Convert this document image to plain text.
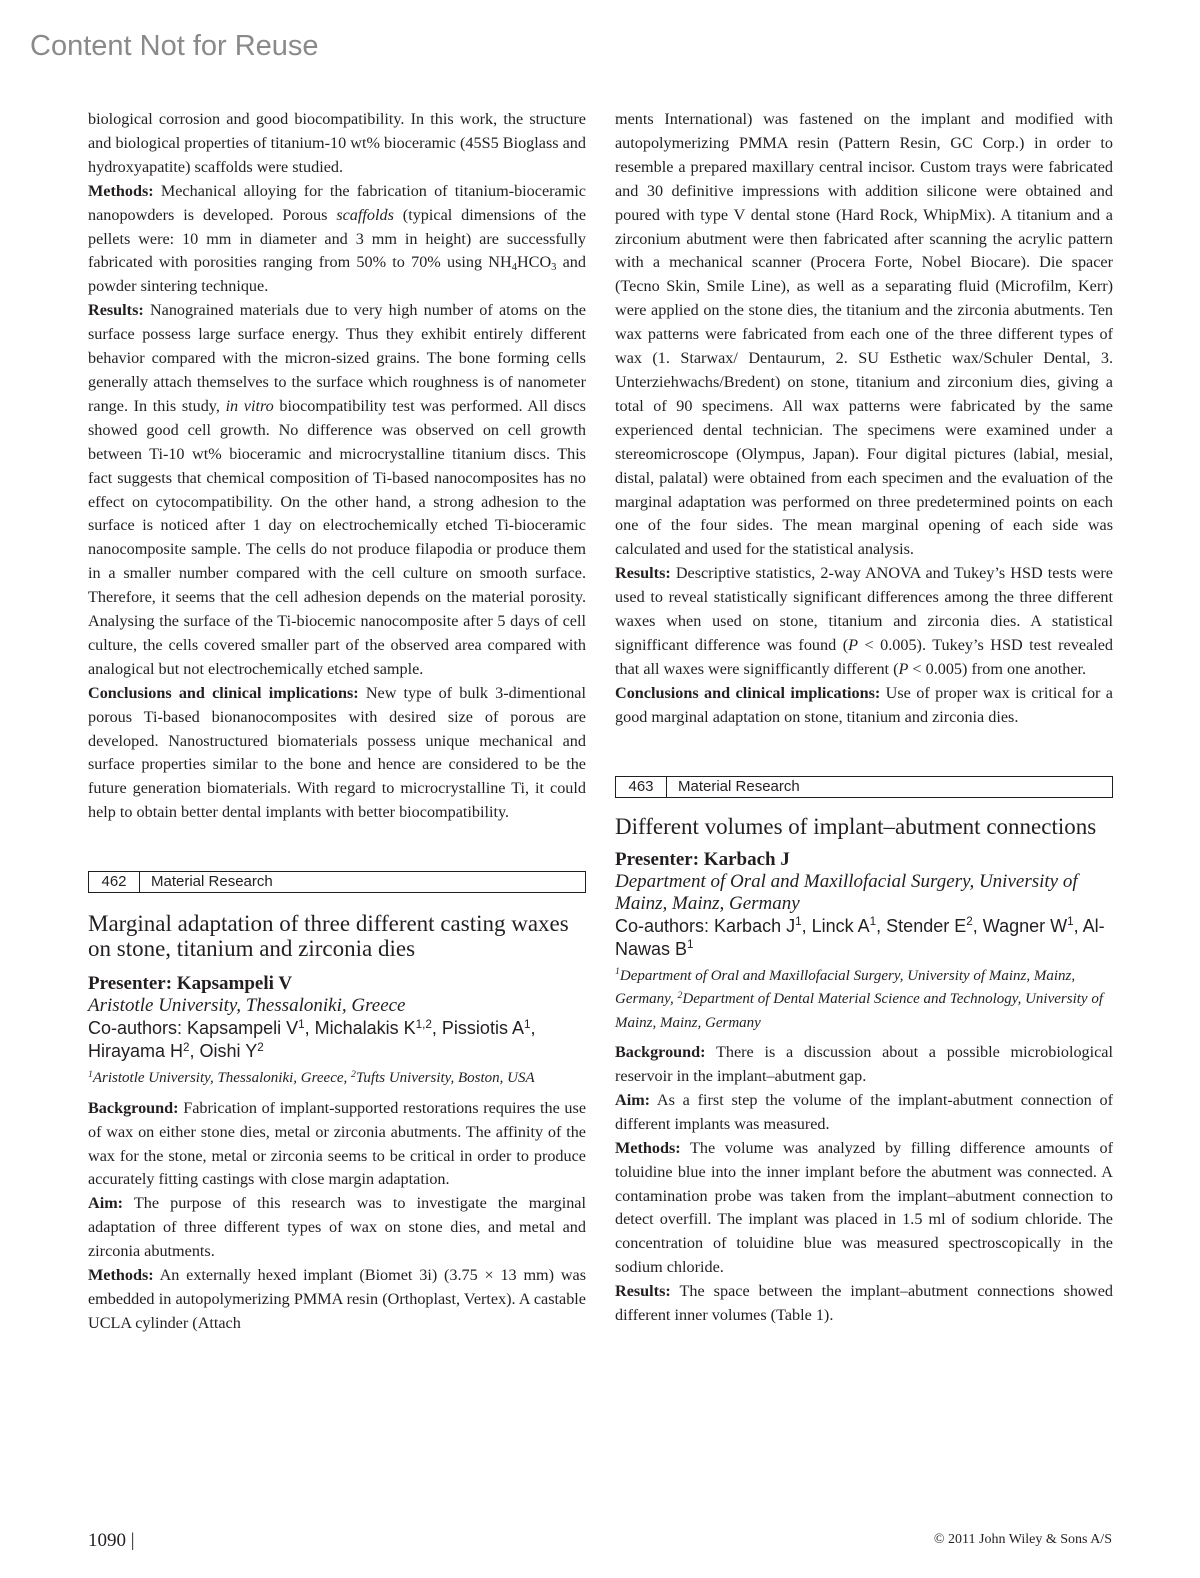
Content Not for Reuse

biological corrosion and good biocompatibility. In this work, the structure and biological properties of titanium-10 wt% bioceramic (45S5 Bioglass and hydroxyapatite) scaffolds were studied.
Methods: Mechanical alloying for the fabrication of titanium-bioceramic nanopowders is developed. Porous scaffolds (typical dimensions of the pellets were: 10 mm in diameter and 3 mm in height) are successfully fabricated with porosities ranging from 50% to 70% using $NH_4HCO_3$ and powder sintering technique.
Results: Nanograined materials due to very high number of atoms on the surface possess large surface energy. Thus they exhibit entirely different behavior compared with the micron-sized grains. The bone forming cells generally attach themselves to the surface which roughness is of nanometer range. In this study, in vitro biocompatibility test was performed. All discs showed good cell growth. No difference was observed on cell growth between Ti-10 wt% bioceramic and microcrystalline titanium discs. This fact suggests that chemical composition of Ti-based nanocomposites has no effect on cytocompatibility. On the other hand, a strong adhesion to the surface is noticed after 1 day on electrochemically etched Ti-bioceramic nanocomposite sample. The cells do not produce filapodia or produce them in a smaller number compared with the cell culture on smooth surface. Therefore, it seems that the cell adhesion depends on the material porosity. Analysing the surface of the Ti-biocemic nanocomposite after 5 days of cell culture, the cells covered smaller part of the observed area compared with analogical but not electrochemically etched sample.
Conclusions and clinical implications: New type of bulk 3-dimentional porous Ti-based bionanocomposites with desired size of porous are developed. Nanostructured biomaterials possess unique mechanical and surface properties similar to the bone and hence are considered to be the future generation biomaterials. With regard to microcrystalline Ti, it could help to obtain better dental implants with better biocompatibility.

462	Material Research
Marginal adaptation of three different casting waxes on stone, titanium and zirconia dies

Presenter: Kapsampeli V

Aristotle University, Thessaloniki, Greece

Co-authors: Kapsampeli $V^1$, Michalakis K$^{1,2}$, Pissiotis $A^1$, Hirayama $H^2$, Oishi $Y^2$

$^1$Aristotle University, Thessaloniki, Greece, $^2$Tufts University, Boston, USA

Background: Fabrication of implant-supported restorations requires the use of wax on either stone dies, metal or zirconia abutments. The affinity of the wax for the stone, metal or zirconia seems to be critical in order to produce accurately fitting castings with close margin adaptation.
Aim: The purpose of this research was to investigate the marginal adaptation of three different types of wax on stone dies, and metal and zirconia abutments.
Methods: An externally hexed implant (Biomet 3i) (3.75 × 13 mm) was embedded in autopolymerizing PMMA resin (Orthoplast, Vertex). A castable UCLA cylinder (Attach

ments International) was fastened on the implant and modified with autopolymerizing PMMA resin (Pattern Resin, GC Corp.) in order to resemble a prepared maxillary central incisor. Custom trays were fabricated and 30 definitive impressions with addition silicone were obtained and poured with type V dental stone (Hard Rock, WhipMix). A titanium and a zirconium abutment were then fabricated after scanning the acrylic pattern with a mechanical scanner (Procera Forte, Nobel Biocare). Die spacer (Tecno Skin, Smile Line), as well as a separating fluid (Microfilm, Kerr) were applied on the stone dies, the titanium and the zirconia abutments. Ten wax patterns were fabricated from each one of the three different types of wax (1. Starwax/ Dentaurum, 2. SU Esthetic wax/Schuler Dental, 3. Unterziehwachs/Bredent) on stone, titanium and zirconium dies, giving a total of 90 specimens. All wax patterns were fabricated by the same experienced dental technician. The specimens were examined under a stereomicroscope (Olympus, Japan). Four digital pictures (labial, mesial, distal, palatal) were obtained from each specimen and the evaluation of the marginal adaptation was performed on three predetermined points on each one of the four sides. The mean marginal opening of each side was calculated and used for the statistical analysis.
Results: Descriptive statistics, 2-way ANOVA and Tukey’s HSD tests were used to reveal statistically significant differences among the three different waxes when used on stone, titanium and zirconia dies. A statistical signifficant difference was found (P < 0.005). Tukey’s HSD test revealed that all waxes were signifficantly different (P < 0.005) from one another.
Conclusions and clinical implications: Use of proper wax is critical for a good marginal adaptation on stone, titanium and zirconia dies.

463	Material Research
Different volumes of implant–abutment connections

Presenter: Karbach J

Department of Oral and Maxillofacial Surgery, University of Mainz, Mainz, Germany

Co-authors: Karbach $J^1$, Linck $A^1$, Stender $E^2$, Wagner $W^1$, Al-Nawas $B^1$

$^1$Department of Oral and Maxillofacial Surgery, University of Mainz, Mainz, Germany, $^2$Department of Dental Material Science and Technology, University of Mainz, Mainz, Germany

Background: There is a discussion about a possible microbiological reservoir in the implant–abutment gap.
Aim: As a first step the volume of the implant-abutment connection of different implants was measured.
Methods: The volume was analyzed by filling difference amounts of toluidine blue into the inner implant before the abutment was connected. A contamination probe was taken from the implant–abutment connection to detect overfill. The implant was placed in 1.5 ml of sodium chloride. The concentration of toluidine blue was measured spectroscopically in the sodium chloride.
Results: The space between the implant–abutment connections showed different inner volumes (Table 1).

1090 |	© 2011 John Wiley & Sons A/S
